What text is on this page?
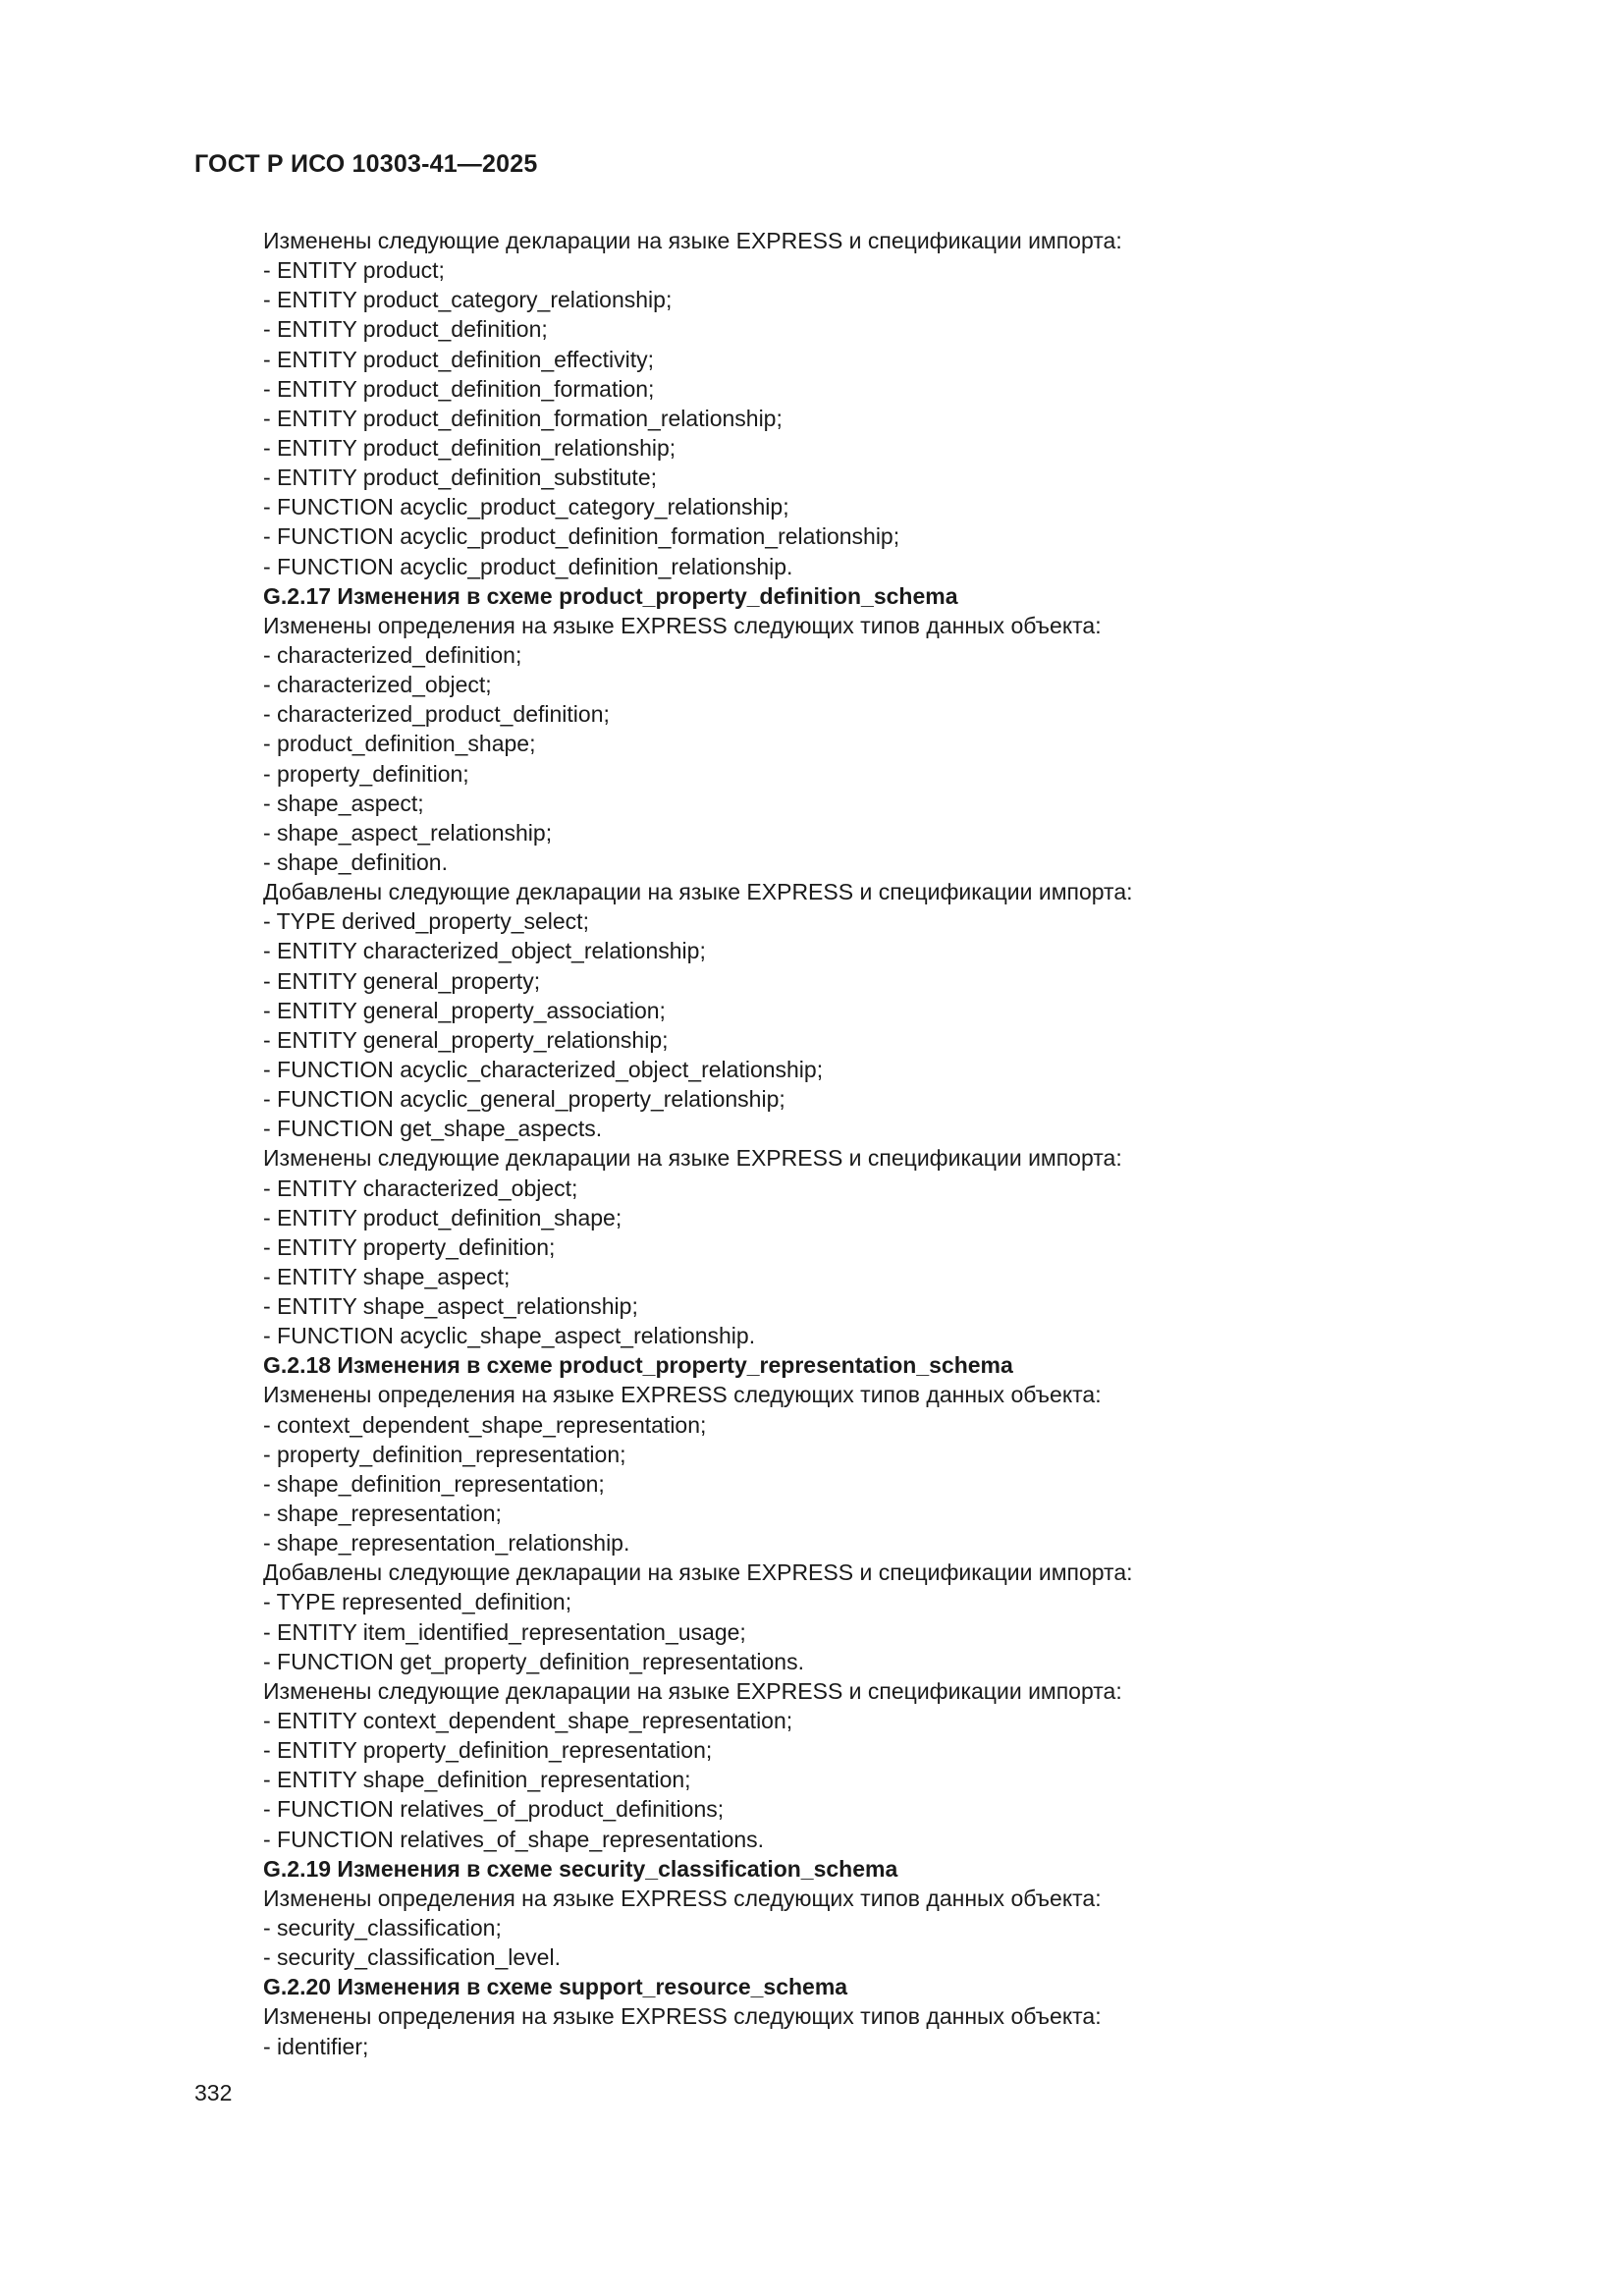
ГОСТ Р ИСО 10303-41—2025
Изменены следующие декларации на языке EXPRESS и спецификации импорта:
- ENTITY product;
- ENTITY product_category_relationship;
- ENTITY product_definition;
- ENTITY product_definition_effectivity;
- ENTITY product_definition_formation;
- ENTITY product_definition_formation_relationship;
- ENTITY product_definition_relationship;
- ENTITY product_definition_substitute;
- FUNCTION acyclic_product_category_relationship;
- FUNCTION acyclic_product_definition_formation_relationship;
- FUNCTION acyclic_product_definition_relationship.
G.2.17 Изменения в схеме product_property_definition_schema
Изменены определения на языке EXPRESS следующих типов данных объекта:
- characterized_definition;
- characterized_object;
- characterized_product_definition;
- product_definition_shape;
- property_definition;
- shape_aspect;
- shape_aspect_relationship;
- shape_definition.
Добавлены следующие декларации на языке EXPRESS и спецификации импорта:
- TYPE derived_property_select;
- ENTITY characterized_object_relationship;
- ENTITY general_property;
- ENTITY general_property_association;
- ENTITY general_property_relationship;
- FUNCTION acyclic_characterized_object_relationship;
- FUNCTION acyclic_general_property_relationship;
- FUNCTION get_shape_aspects.
Изменены следующие декларации на языке EXPRESS и спецификации импорта:
- ENTITY characterized_object;
- ENTITY product_definition_shape;
- ENTITY property_definition;
- ENTITY shape_aspect;
- ENTITY shape_aspect_relationship;
- FUNCTION acyclic_shape_aspect_relationship.
G.2.18 Изменения в схеме product_property_representation_schema
Изменены определения на языке EXPRESS следующих типов данных объекта:
- context_dependent_shape_representation;
- property_definition_representation;
- shape_definition_representation;
- shape_representation;
- shape_representation_relationship.
Добавлены следующие декларации на языке EXPRESS и спецификации импорта:
- TYPE represented_definition;
- ENTITY item_identified_representation_usage;
- FUNCTION get_property_definition_representations.
Изменены следующие декларации на языке EXPRESS и спецификации импорта:
- ENTITY context_dependent_shape_representation;
- ENTITY property_definition_representation;
- ENTITY shape_definition_representation;
- FUNCTION relatives_of_product_definitions;
- FUNCTION relatives_of_shape_representations.
G.2.19 Изменения в схеме security_classification_schema
Изменены определения на языке EXPRESS следующих типов данных объекта:
- security_classification;
- security_classification_level.
G.2.20 Изменения в схеме support_resource_schema
Изменены определения на языке EXPRESS следующих типов данных объекта:
- identifier;
332
